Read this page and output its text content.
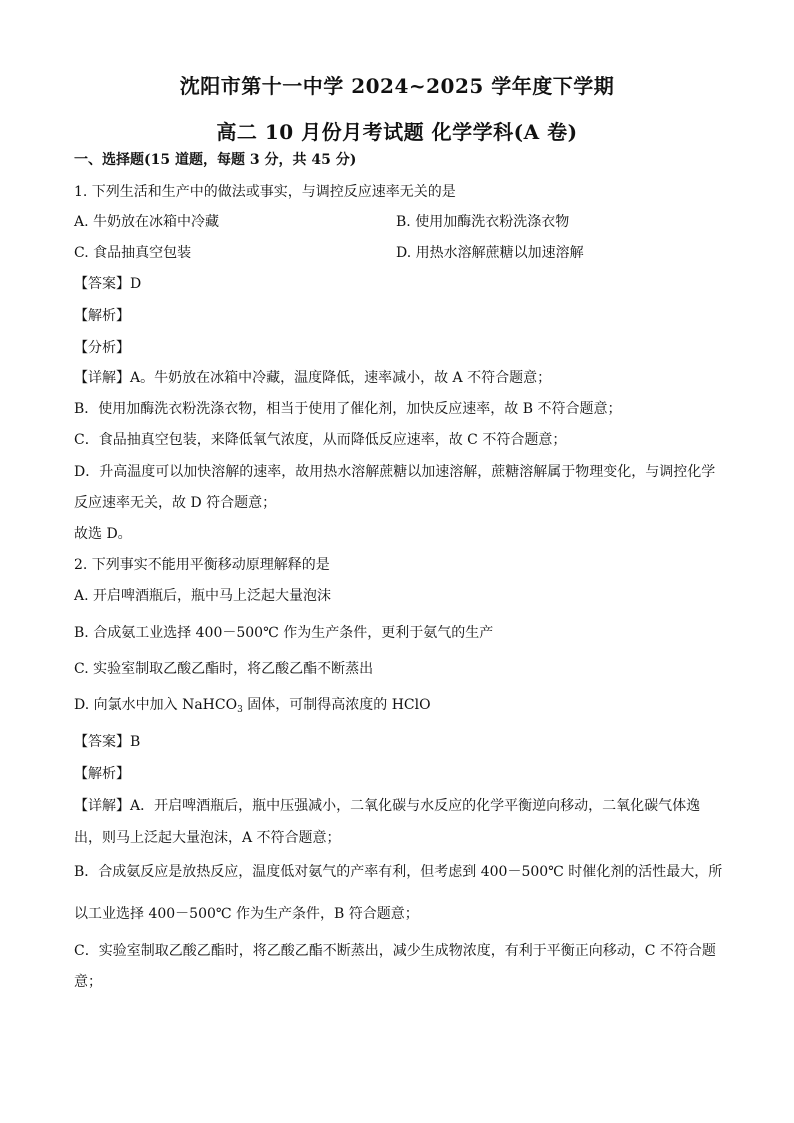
沈阳市第十一中学 2024~2025 学年度下学期
高二 10 月份月考试题 化学学科(A 卷)
一、选择题(15 道题，每题 3 分，共 45 分)
1. 下列生活和生产中的做法或事实，与调控反应速率无关的是
A. 牛奶放在冰箱中冷藏	B. 使用加酶洗衣粉洗涤衣物
C. 食品抽真空包装	D. 用热水溶解蔗糖以加速溶解
【答案】D
【解析】
【分析】
【详解】A。牛奶放在冰箱中冷藏，温度降低，速率减小，故 A 不符合题意；
B．使用加酶洗衣粉洗涤衣物，相当于使用了催化剂，加快反应速率，故 B 不符合题意；
C．食品抽真空包装，来降低氧气浓度，从而降低反应速率，故 C 不符合题意；
D．升高温度可以加快溶解的速率，故用热水溶解蔗糖以加速溶解，蔗糖溶解属于物理变化，与调控化学
反应速率无关，故 D 符合题意；
故选 D。
2. 下列事实不能用平衡移动原理解释的是
A. 开启啤酒瓶后，瓶中马上泛起大量泡沫
B. 合成氨工业选择 400－500℃ 作为生产条件，更利于氨气的生产
C. 实验室制取乙酸乙酯时，将乙酸乙酯不断蒸出
D. 向氯水中加入 NaHCO$_3$ 固体，可制得高浓度的 HClO
【答案】B
【解析】
【详解】A．开启啤酒瓶后，瓶中压强减小，二氧化碳与水反应的化学平衡逆向移动，二氧化碳气体逸
出，则马上泛起大量泡沫，A 不符合题意；
B．合成氨反应是放热反应，温度低对氨气的产率有利，但考虑到 400－500℃ 时催化剂的活性最大，所
以工业选择 400－500℃ 作为生产条件，B 符合题意；
C．实验室制取乙酸乙酯时，将乙酸乙酯不断蒸出，减少生成物浓度，有利于平衡正向移动，C 不符合题
意；
